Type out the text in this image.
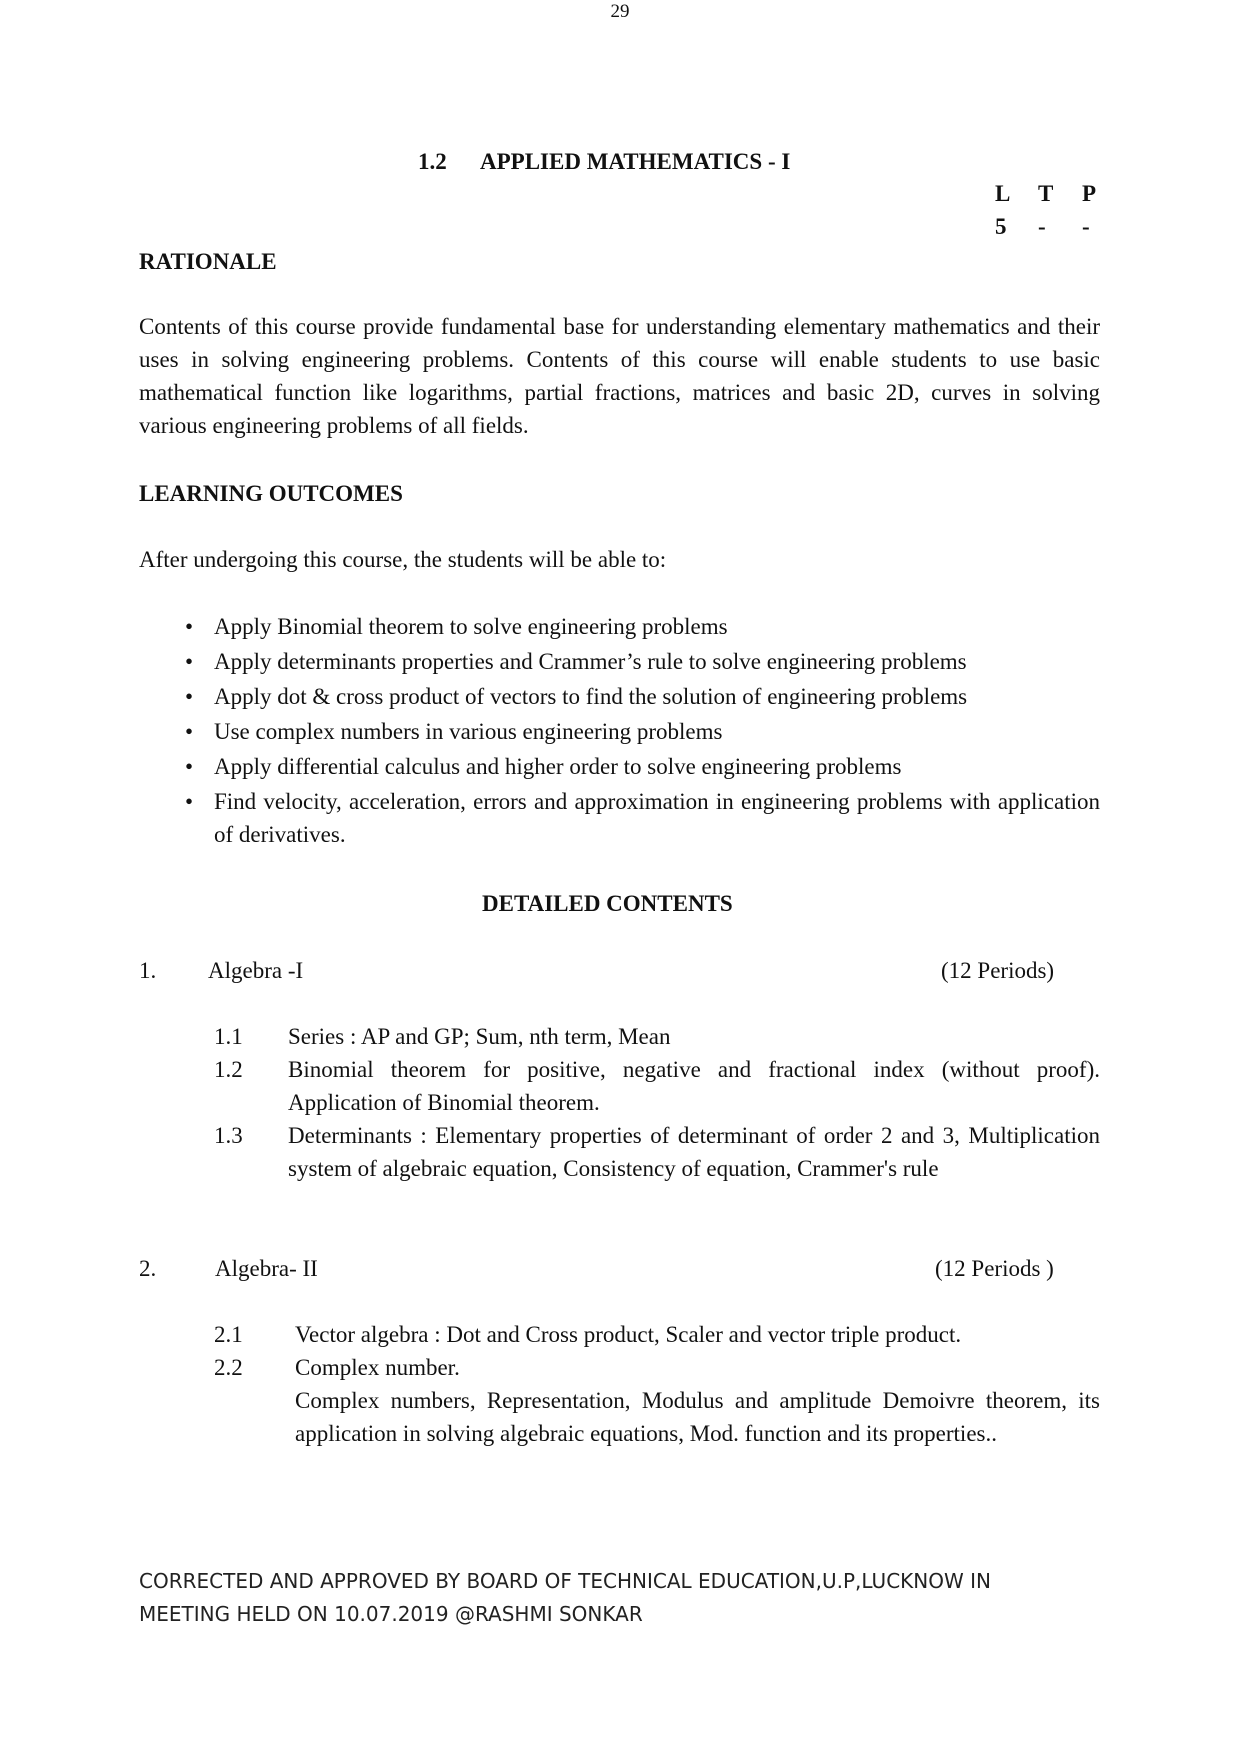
29
1.2 APPLIED MATHEMATICS - I
L T P
5 - -
RATIONALE
Contents of this course provide fundamental base for understanding elementary mathematics and their uses in solving engineering problems. Contents of this course will enable students to use basic mathematical function like logarithms, partial fractions, matrices and basic 2D, curves in solving various engineering problems of all fields.
LEARNING OUTCOMES
After undergoing this course, the students will be able to:
• Apply Binomial theorem to solve engineering problems
• Apply determinants properties and Crammer’s rule to solve engineering problems
• Apply dot & cross product of vectors to find the solution of engineering problems
• Use complex numbers in various engineering problems
• Apply differential calculus and higher order to solve engineering problems
• Find velocity, acceleration, errors and approximation in engineering problems with application of derivatives.
DETAILED CONTENTS
1. Algebra -I	(12 Periods)
1.1 Series : AP and GP; Sum, nth term, Mean
1.2 Binomial theorem for positive, negative and fractional index (without proof). Application of Binomial theorem.
1.3 Determinants : Elementary properties of determinant of order 2 and 3, Multiplication system of algebraic equation, Consistency of equation, Crammer's rule
2.	Algebra- II	(12 Periods )
2.1 Vector algebra : Dot and Cross product, Scaler and vector triple product.
2.2 Complex number.
Complex numbers, Representation, Modulus and amplitude Demoivre theorem, its application in solving algebraic equations, Mod. function and its properties..
CORRECTED AND APPROVED BY BOARD OF TECHNICAL EDUCATION,U.P,LUCKNOW IN
MEETING HELD ON 10.07.2019 @RASHMI SONKAR
